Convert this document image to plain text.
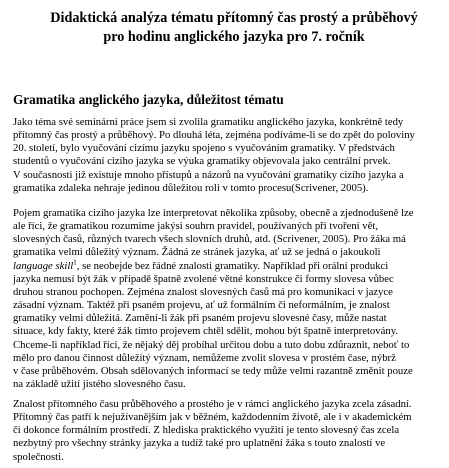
Didaktická analýza tématu přítomný čas prostý a průběhový
pro hodinu anglického jazyka pro 7. ročník
Gramatika anglického jazyka, důležitost tématu
Jako téma své seminární práce jsem si zvolila gramatiku anglického jazyka, konkrétně tedy
přítomný čas prostý a průběhový. Po dlouhá léta, zejména podíváme-li se do zpět do poloviny
20. století, bylo vyučování cizímu jazyku spojeno s vyučováním gramatiky. V předstvách
studentů o vyučování cizího jazyka se výuka gramatiky objevovala jako centrální prvek.
V současnosti již existuje mnoho přístupů a názorů na vyučování gramatiky cizího jazyka a
gramatika zdaleka nehraje jedinou důležitou roli v tomto procesu(Scrivener, 2005).
Pojem gramatika cizího jazyka lze interpretovat několika způsoby, obecně a zjednodušeně lze
ale říci, že gramatikou rozumíme jakýsi souhrn pravidel, používaných při tvoření vět,
slovesných časů, různých tvarech všech slovních druhů, atd. (Scrivener, 2005). Pro žáka má
gramatika velmi důležitý význam. Žádná ze stránek jazyka, ať už se jedná o jakoukoli
language skill$^1$, se neobejde bez řádné znalosti gramatiky. Například při orální produkci
jazyka nemusí být žák v případě špatně zvolené větné konstrukce či formy slovesa vůbec
druhou stranou pochopen. Zejména znalost slovesných časů má pro komunikaci v jazyce
zásadní význam. Taktéž při psaném projevu, ať už formálním či neformálním, je znalost
gramatiky velmi důležitá. Zamění-li žák při psaném projevu slovesné časy, může nastat
situace, kdy fakty, které žák tímto projevem chtěl sdělit, mohou být špatně interpretovány.
Chceme-li například říci, že nějaký děj probíhal určitou dobu a tuto dobu zdůraznit, neboť to
mělo pro danou činnost důležitý význam, nemůžeme zvolit slovesa v prostém čase, nýbrž
v čase průběhovém. Obsah sdělovaných informací se tedy může velmi razantně změnit pouze
na základě užití jistého slovesného času.
Znalost přítomného času průběhového a prostého je v rámci anglického jazyka zcela zásadní.
Přítomný čas patří k nejužívanějším jak v běžném, každodenním životě, ale i v akademickém
či dokonce formálním prostředí. Z hlediska praktického využití je tento slovesný čas zcela
nezbytný pro všechny stránky jazyka a tudíž také pro uplatnění žáka s touto znalostí ve
společnosti.
